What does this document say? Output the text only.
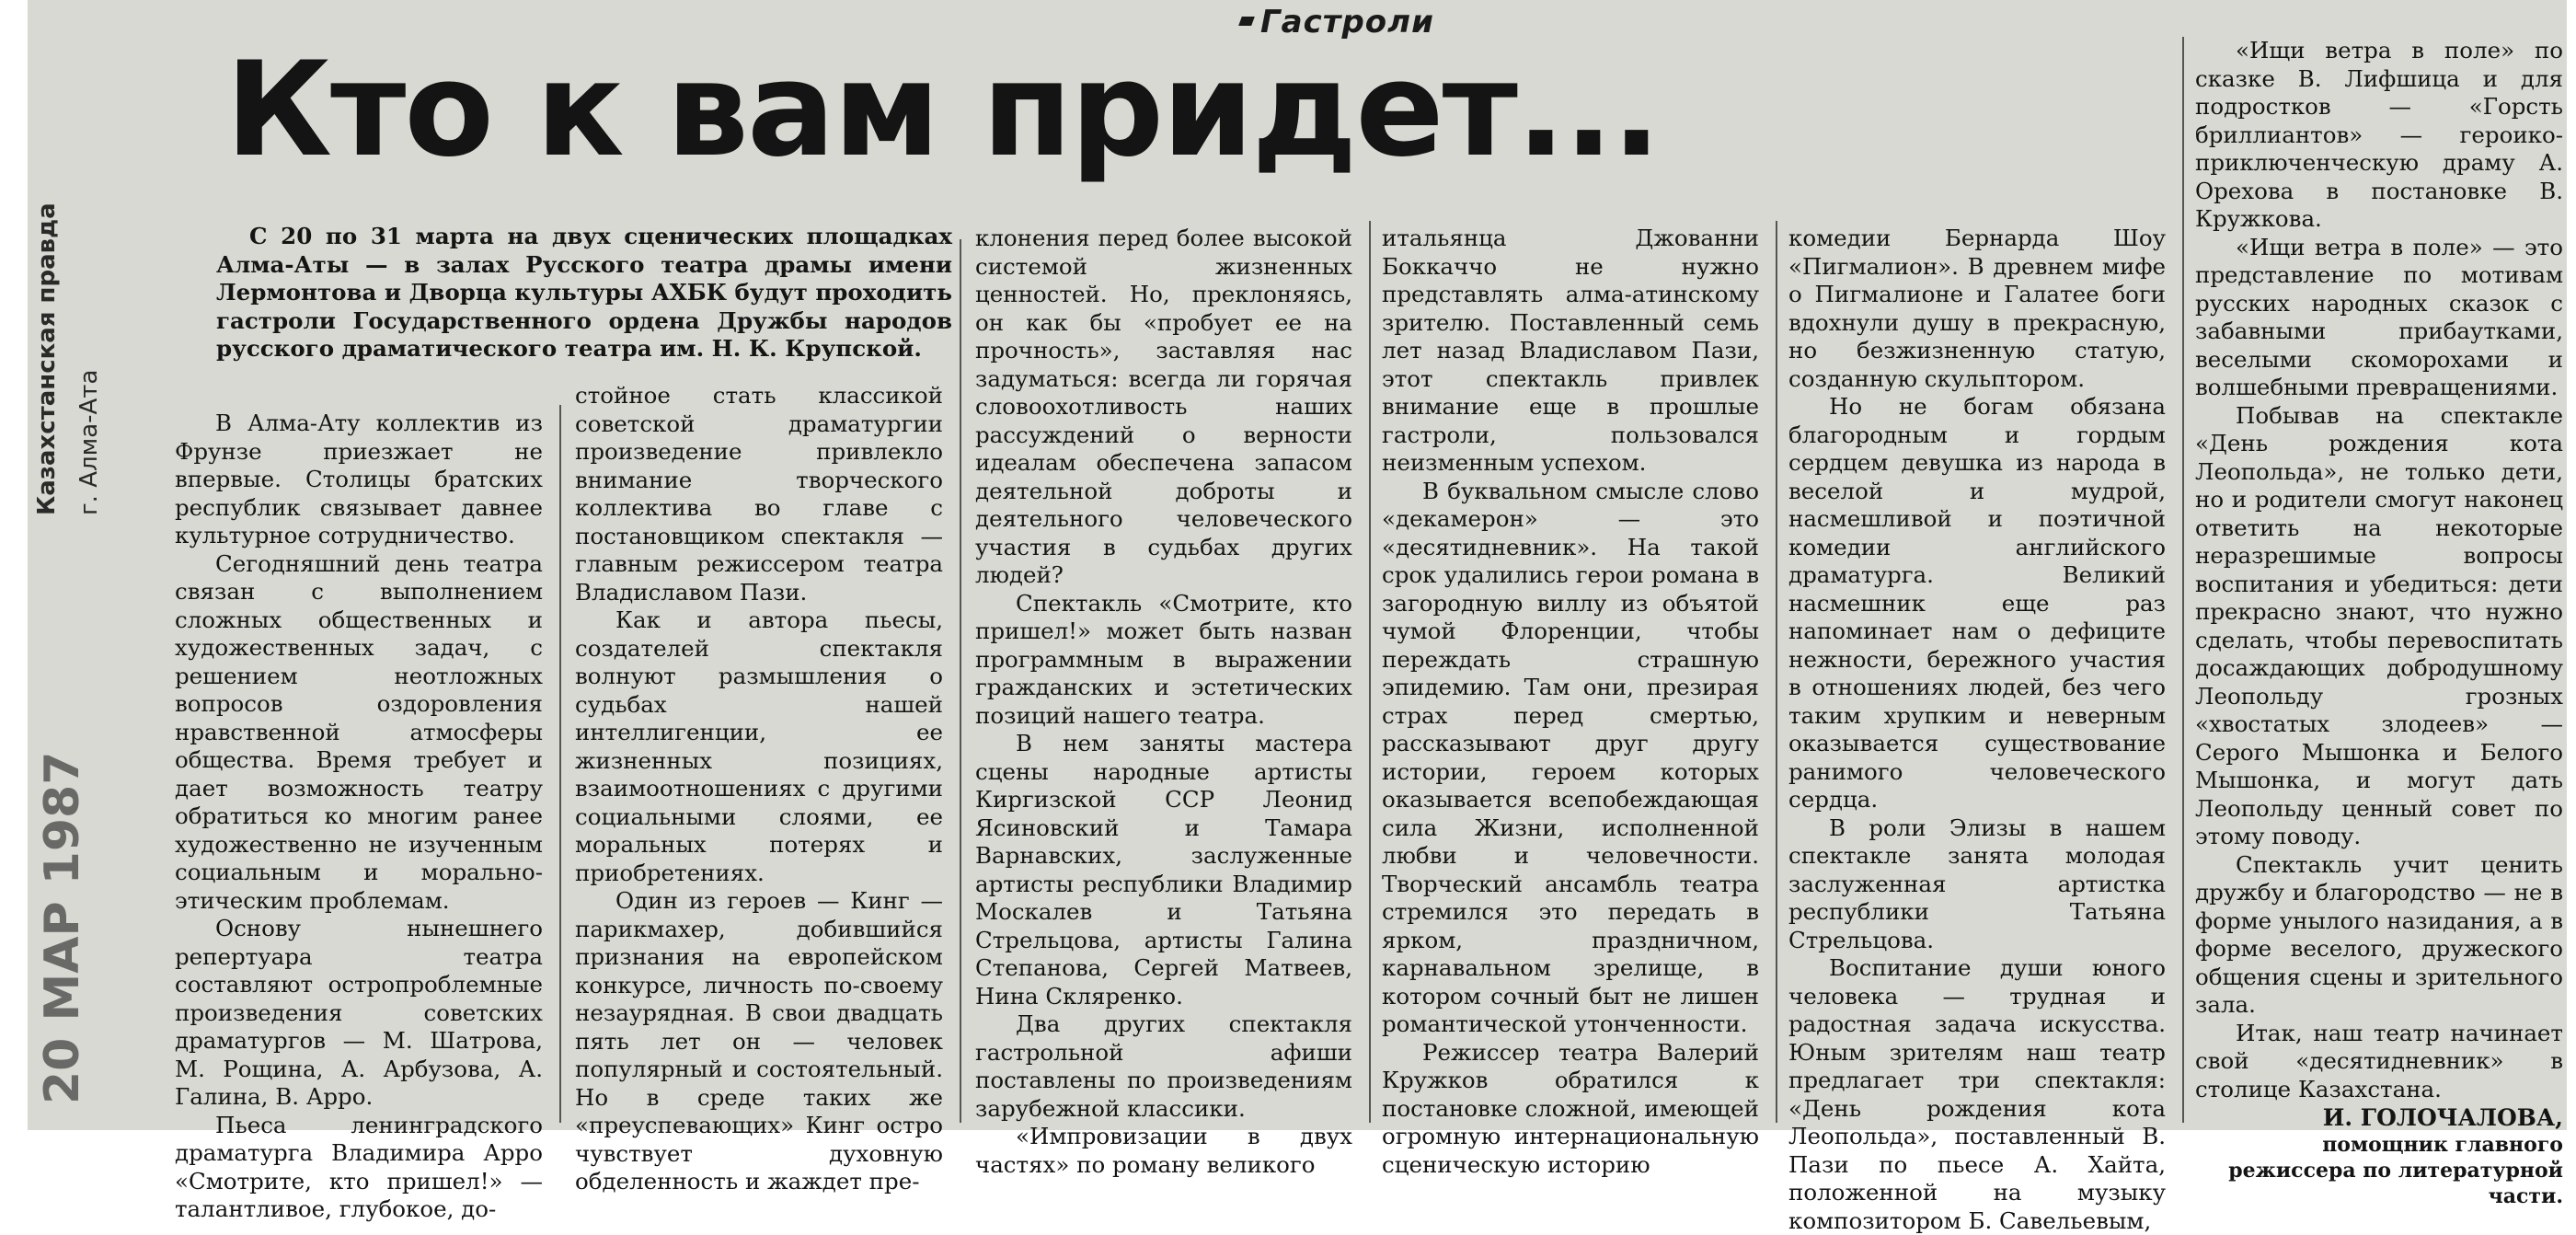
Гастроли
Казахстанская правда г. Алма-Ата
20 МАР 1987
Кто к вам придет...
С 20 по 31 марта на двух сценических площадках Алма-Аты — в залах Русского театра драмы имени Лермонтова и Дворца культуры АХБК будут проходить гастроли Государственного ордена Дружбы народов русского драматического театра им. Н. К. Крупской.

В Алма-Ату коллектив из Фрунзе приезжает не впервые. Столицы братских республик связывает давнее культурное сотрудничество.

Сегодняшний день театра связан с выполнением сложных общественных и художественных задач, с решением неотложных вопросов оздоровления нравственной атмосферы общества. Время требует и дает возможность театру обратиться ко многим ранее художественно не изученным социальным и морально-этическим проблемам.

Основу нынешнего репертуара театра составляют остропроблемные произведения советских драматургов — М. Шатрова, М. Рощина, А. Арбузова, А. Галина, В. Арро.

Пьеса ленинградского драматурга Владимира Арро «Смотрите, кто пришел!» — талантливое, глубокое, до-

стойное стать классикой советской драматургии произведение привлекло внимание творческого коллектива во главе с постановщиком спектакля — главным режиссером театра Владиславом Пази.

Как и автора пьесы, создателей спектакля волнуют размышления о судьбах нашей интеллигенции, ее жизненных позициях, взаимоотношениях с другими социальными слоями, ее моральных потерях и приобретениях.

Один из героев — Кинг — парикмахер, добившийся признания на европейском конкурсе, личность по-своему незаурядная. В свои двадцать пять лет он — человек популярный и состоятельный. Но в среде таких же «преуспевающих» Кинг остро чувствует духовную обделенность и жаждет пре-

клонения перед более высокой системой жизненных ценностей. Но, преклоняясь, он как бы «пробует ее на прочность», заставляя нас задуматься: всегда ли горячая словоохотливость наших рассуждений о верности идеалам обеспечена запасом деятельной доброты и деятельного человеческого участия в судьбах других людей?

Спектакль «Смотрите, кто пришел!» может быть назван программным в выражении гражданских и эстетических позиций нашего театра.

В нем заняты мастера сцены народные артисты Киргизской ССР Леонид Ясиновский и Тамара Варнавских, заслуженные артисты республики Владимир Москалев и Татьяна Стрельцова, артисты Галина Степанова, Сергей Матвеев, Нина Скляренко.

Два других спектакля гастрольной афиши поставлены по произведениям зарубежной классики.

«Импровизации в двух частях» по роману великого

итальянца Джованни Боккаччо не нужно представлять алма-атинскому зрителю. Поставленный семь лет назад Владиславом Пази, этот спектакль привлек внимание еще в прошлые гастроли, пользовался неизменным успехом.

В буквальном смысле слово «декамерон» — это «десятидневник». На такой срок удалились герои романа в загородную виллу из объятой чумой Флоренции, чтобы переждать страшную эпидемию. Там они, презирая страх перед смертью, рассказывают друг другу истории, героем которых оказывается всепобеждающая сила Жизни, исполненной любви и человечности. Творческий ансамбль театра стремился это передать в ярком, праздничном, карнавальном зрелище, в котором сочный быт не лишен романтической утонченности.

Режиссер театра Валерий Кружков обратился к постановке сложной, имеющей огромную интернациональную сценическую историю

комедии Бернарда Шоу «Пигмалион». В древнем мифе о Пигмалионе и Галатее боги вдохнули душу в прекрасную, но безжизненную статую, созданную скульптором.

Но не богам обязана благородным и гордым сердцем девушка из народа в веселой и мудрой, насмешливой и поэтичной комедии английского драматурга. Великий насмешник еще раз напоминает нам о дефиците нежности, бережного участия в отношениях людей, без чего таким хрупким и неверным оказывается существование ранимого человеческого сердца.

В роли Элизы в нашем спектакле занята молодая заслуженная артистка республики Татьяна Стрельцова.

Воспитание души юного человека — трудная и радостная задача искусства. Юным зрителям наш театр предлагает три спектакля: «День рождения кота Леопольда», поставленный В. Пази по пьесе А. Хайта, положенной на музыку композитором Б. Савельевым,

«Ищи ветра в поле» по сказке В. Лифшица и для подростков — «Горсть бриллиантов» — героико-приключенческую драму А. Орехова в постановке В. Кружкова.

«Ищи ветра в поле» — это представление по мотивам русских народных сказок с забавными прибаутками, веселыми скоморохами и волшебными превращениями.

Побывав на спектакле «День рождения кота Леопольда», не только дети, но и родители смогут наконец ответить на некоторые неразрешимые вопросы воспитания и убедиться: дети прекрасно знают, что нужно сделать, чтобы перевоспитать досаждающих добродушному Леопольду грозных «хвостатых злодеев» — Серого Мышонка и Белого Мышонка, и могут дать Леопольду ценный совет по этому поводу.

Спектакль учит ценить дружбу и благородство — не в форме унылого назидания, а в форме веселого, дружеского общения сцены и зрительного зала.

Итак, наш театр начинает свой «десятидневник» в столице Казахстана.

И. ГОЛОЧАЛОВА,

помощник главного режиссера по литературной части.
